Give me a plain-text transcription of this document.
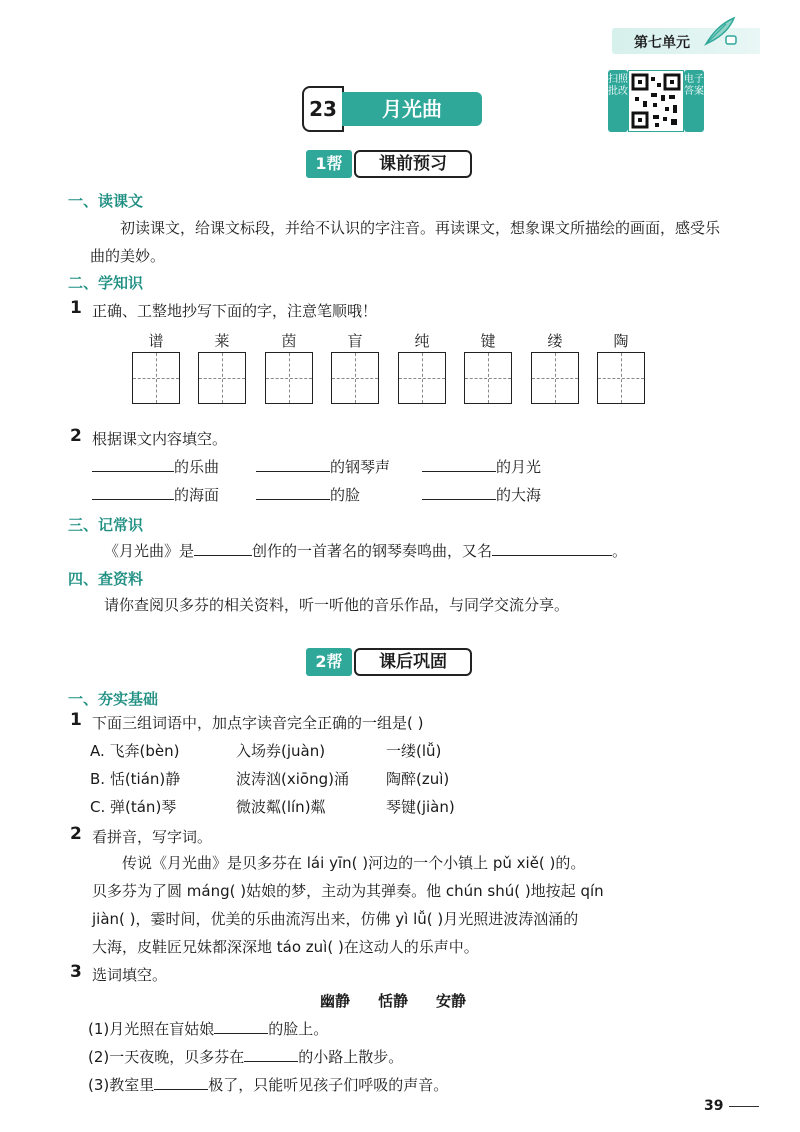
第七单元
扫照批改
电子答案
23	月光曲
1帮	课前预习
一、读课文
初读课文，给课文标段，并给不认识的字注音。再读课文，想象课文所描绘的画面，感受乐曲的美妙。
二、学知识
1 正确、工整地抄写下面的字，注意笔顺哦！
谱	莱	茵	盲	纯	键	缕	陶
2 根据课文内容填空。
的乐曲	的钢琴声	的月光
的海面	的脸	的大海
三、记常识
《月光曲》是	创作的一首著名的钢琴奏鸣曲，又名	。
四、查资料
请你查阅贝多芬的相关资料，听一听他的音乐作品，与同学交流分享。
2帮	课后巩固
一、夯实基础
1 下面三组词语中，加点字读音完全正确的一组是( )
A. 飞奔(bèn)	入场券(juàn)	一缕(lǚ)
B. 恬(tián)静	波涛汹(xiōng)涌 陶醉(zuì)
C. 弹(tán)琴	微波粼(lín)粼	琴键(jiàn)
2 看拼音，写字词。
传说《月光曲》是贝多芬在 lái yīn( )河边的一个小镇上 pǔ xiě( )的。
贝多芬为了圆 máng( )姑娘的梦，主动为其弹奏。他 chún shú( )地按起 qín
jiàn( )，霎时间，优美的乐曲流泻出来，仿佛 yì lǚ( )月光照进波涛汹涌的
大海，皮鞋匠兄妹都深深地 táo zuì( )在这动人的乐声中。
3 选词填空。
幽静 恬静 安静
(1)月光照在盲姑娘	的脸上。
(2)一天夜晚，贝多芬在	的小路上散步。
(3)教室里	极了，只能听见孩子们呼吸的声音。
39
